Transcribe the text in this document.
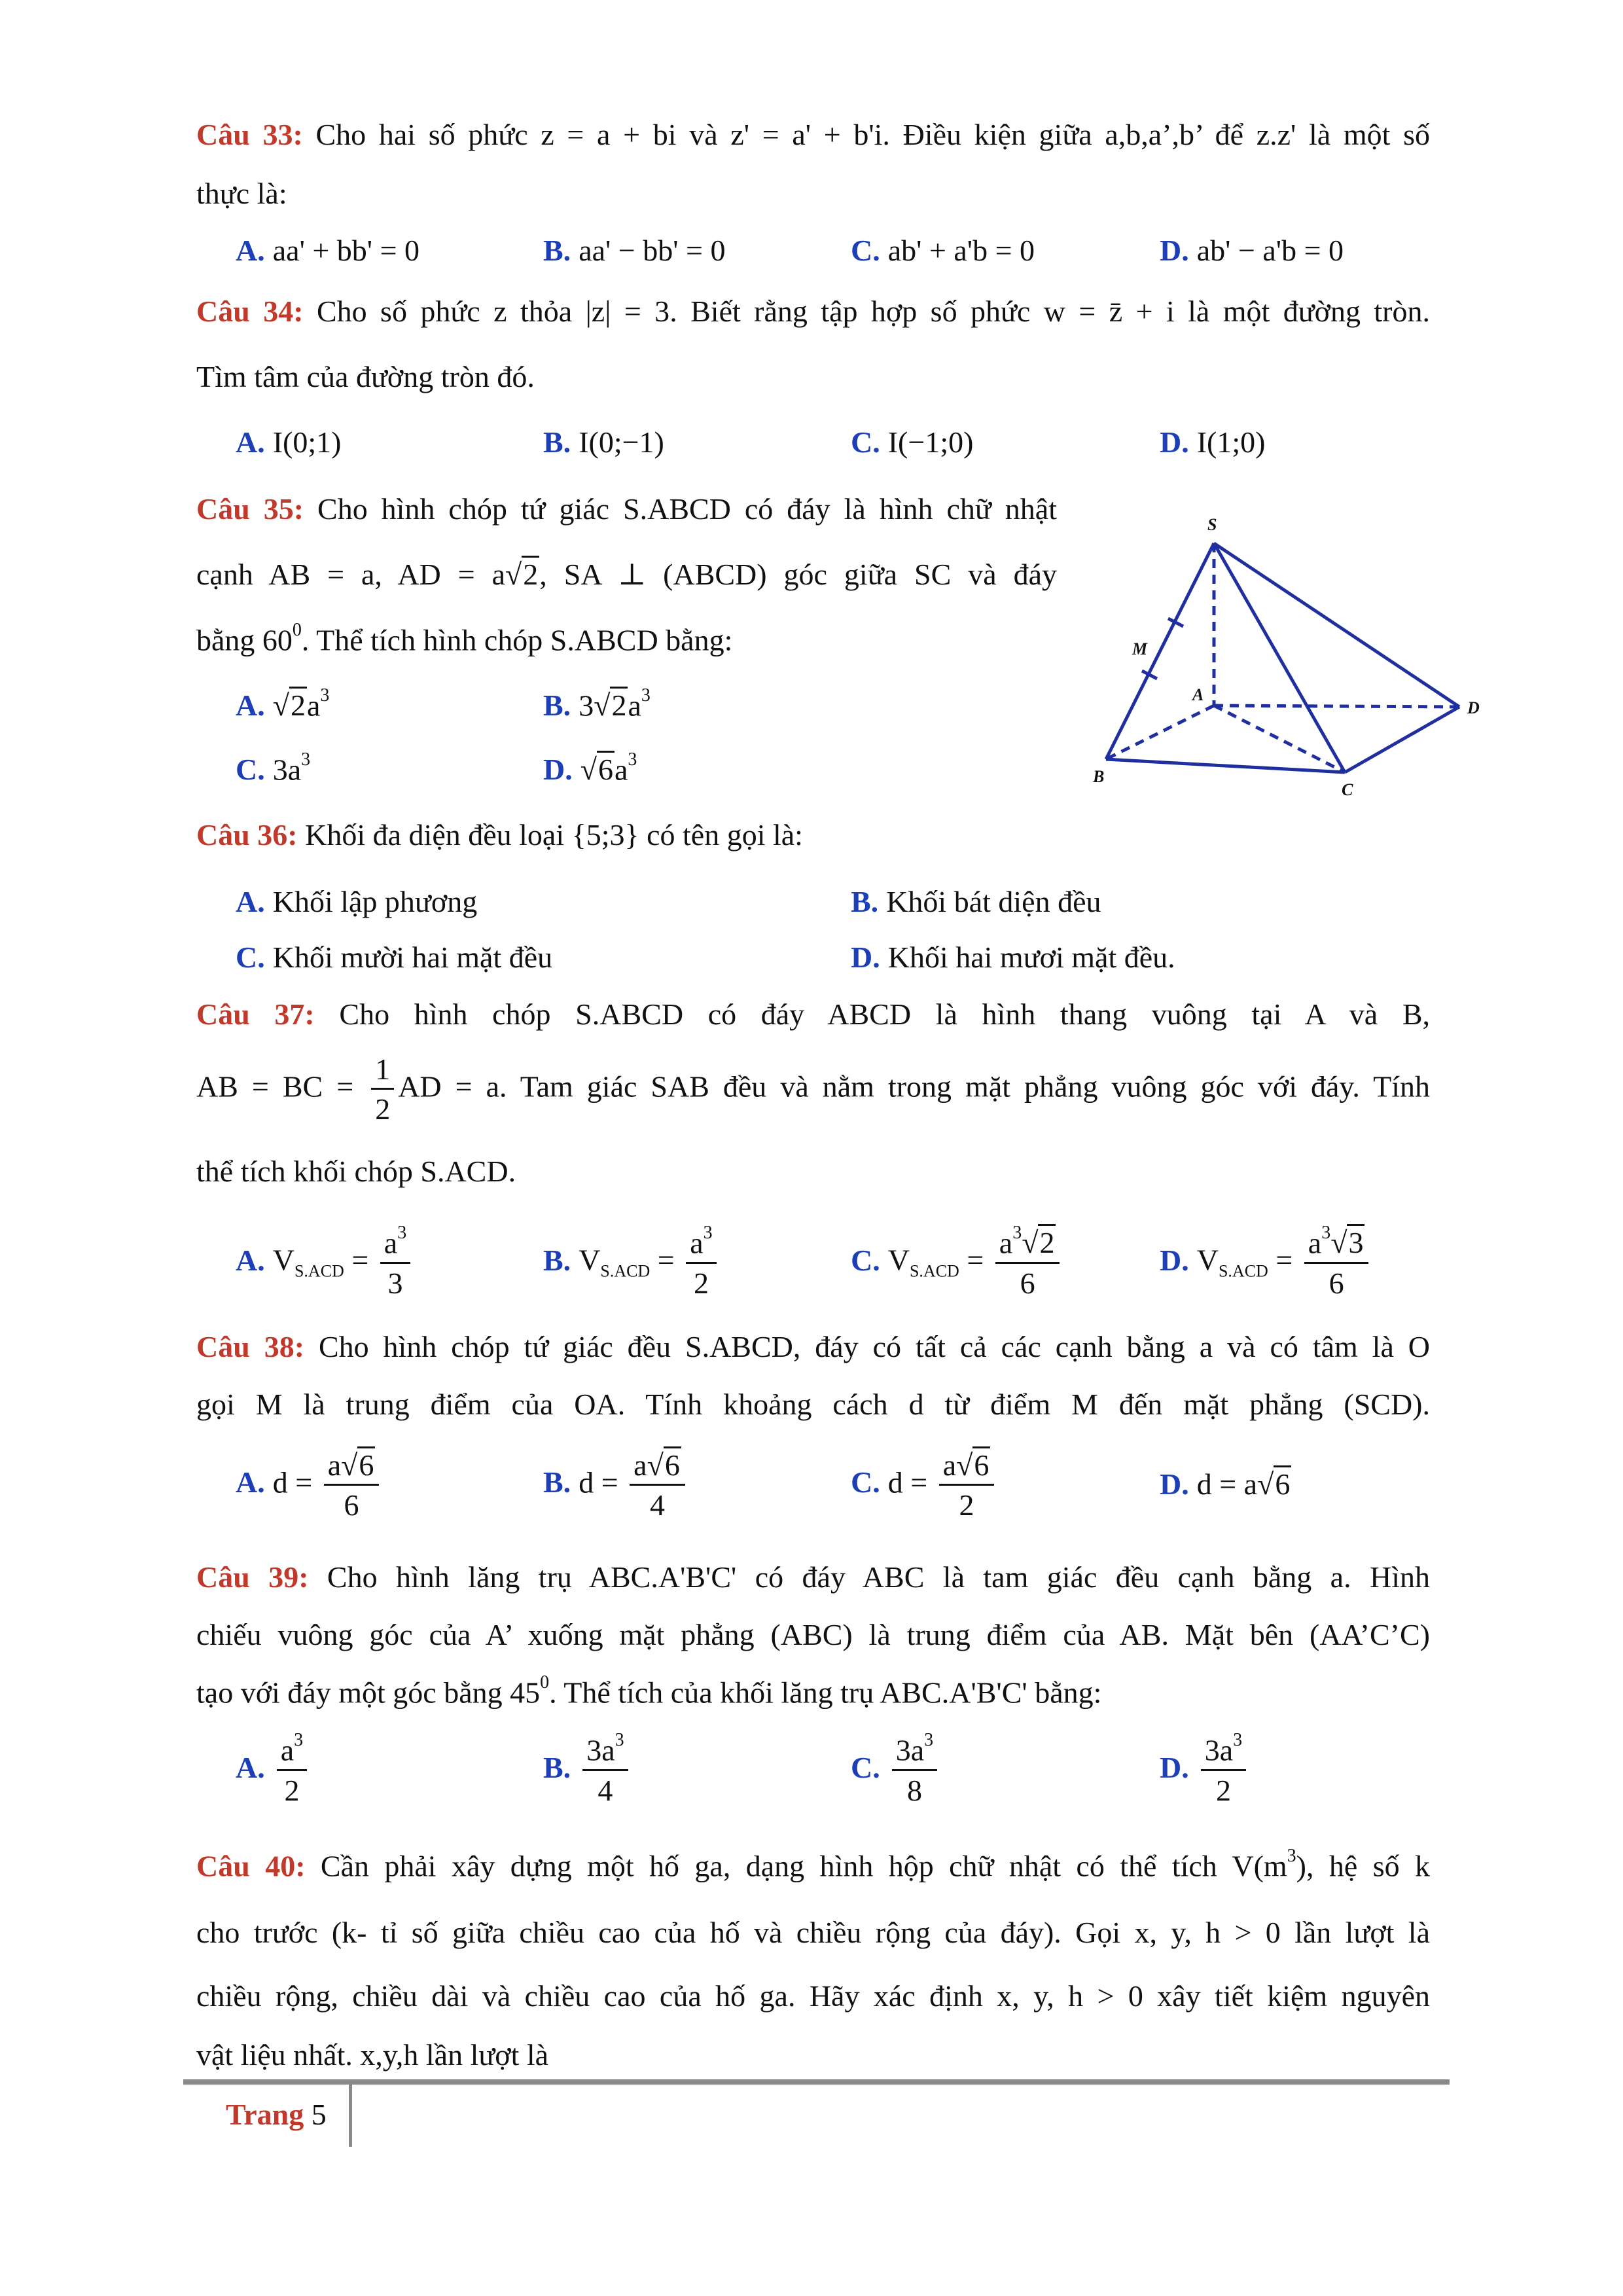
Câu 33: Cho hai số phức z = a + bi và z' = a' + b'i. Điều kiện giữa a,b,a’,b’ để z.z' là một số
thực là:
A. aa' + bb' = 0	B. aa' − bb' = 0	C. ab' + a'b = 0	D. ab' − a'b = 0
Câu 34: Cho số phức z thỏa |z| = 3. Biết rằng tập hợp số phức w = z̄ + i là một đường tròn.
Tìm tâm của đường tròn đó.
A. I(0;1)	B. I(0;−1)	C. I(−1;0)	D. I(1;0)
Câu 35: Cho hình chóp tứ giác S.ABCD có đáy là hình chữ nhật
cạnh AB = a, AD = a√2, SA ⊥ (ABCD) góc giữa SC và đáy
bằng $60^0$. Thể tích hình chóp S.ABCD bằng:
A. $√2a^3$	B. $3√2a^3$
C. $3a^3$	D. $√6a^3$
Câu 36: Khối đa diện đều loại {5;3} có tên gọi là:
A. Khối lập phương	B. Khối bát diện đều
C. Khối mười hai mặt đều	D. Khối hai mươi mặt đều.
Câu 37: Cho hình chóp S.ABCD có đáy ABCD là hình thang vuông tại A và B,
AB = BC = $\frac{1}{2}$ AD = a. Tam giác SAB đều và nằm trong mặt phẳng vuông góc với đáy. Tính
thể tích khối chóp S.ACD.
A. $V_{S.ACD} = \frac{a^3}{3}$	B. $V_{S.ACD} = \frac{a^3}{2}$	C. $V_{S.ACD} = \frac{a^3√2}{6}$	D. $V_{S.ACD} = \frac{a^3√3}{6}$
Câu 38: Cho hình chóp tứ giác đều S.ABCD, đáy có tất cả các cạnh bằng a và có tâm là O
gọi M là trung điểm của OA. Tính khoảng cách d từ điểm M đến mặt phẳng (SCD).
A. $d = \frac{a√6}{6}$	B. $d = \frac{a√6}{4}$	C. $d = \frac{a√6}{2}$	D. d = a√6
Câu 39: Cho hình lăng trụ ABC.A'B'C' có đáy ABC là tam giác đều cạnh bằng a. Hình
chiếu vuông góc của A’ xuống mặt phẳng (ABC) là trung điểm của AB. Mặt bên (AA’C’C)
tạo với đáy một góc bằng $45^0$. Thể tích của khối lăng trụ ABC.A'B'C' bằng:
A. $\frac{a^3}{2}$	B. $\frac{3a^3}{4}$	C. $\frac{3a^3}{8}$	D. $\frac{3a^3}{2}$
Câu 40: Cần phải xây dựng một hố ga, dạng hình hộp chữ nhật có thể tích $V(m^3)$, hệ số k
cho trước (k- tỉ số giữa chiều cao của hố và chiều rộng của đáy). Gọi x, y, h > 0 lần lượt là
chiều rộng, chiều dài và chiều cao của hố ga. Hãy xác định x, y, h > 0 xây tiết kiệm nguyên
vật liệu nhất. x,y,h lần lượt là
S
M
A
B
C
D
Trang 5
